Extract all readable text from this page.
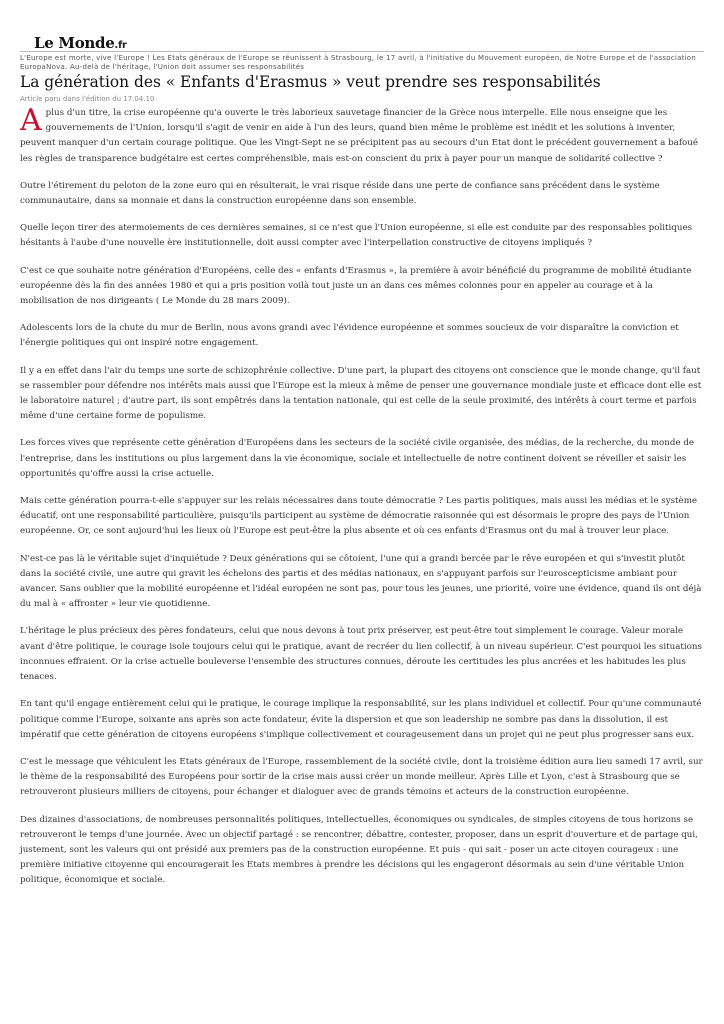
Le Monde.fr
L'Europe est morte, vive l'Europe ! Les Etats généraux de l'Europe se réunissent à Strasbourg, le 17 avril, à l'initiative du Mouvement européen, de Notre Europe et de l'association EuropaNova. Au-delà de l'héritage, l'Union doit assumer ses responsabilités
La génération des « Enfants d'Erasmus » veut prendre ses responsabilités
Article paru dans l'édition du 17.04.10

Aplus d'un titre, la crise européenne qu'a ouverte le très laborieux sauvetage financier de la Grèce nous interpelle. Elle nous enseigne que les gouvernements de l'Union, lorsqu'il s'agit de venir en aide à l'un des leurs, quand bien même le problème est inédit et les solutions à inventer, peuvent manquer d'un certain courage politique. Que les Vingt-Sept ne se précipitent pas au secours d'un Etat dont le précédent gouvernement a bafoué les règles de transparence budgétaire est certes compréhensible, mais est-on conscient du prix à payer pour un manque de solidarité collective ?

Outre l'étirement du peloton de la zone euro qui en résulterait, le vrai risque réside dans une perte de confiance sans précédent dans le système communautaire, dans sa monnaie et dans la construction européenne dans son ensemble.

Quelle leçon tirer des atermoiements de ces dernières semaines, si ce n'est que l'Union européenne, si elle est conduite par des responsables politiques hésitants à l'aube d'une nouvelle ère institutionnelle, doit aussi compter avec l'interpellation constructive de citoyens impliqués ?

C'est ce que souhaite notre génération d'Européens, celle des « enfants d'Erasmus », la première à avoir bénéficié du programme de mobilité étudiante européenne dès la fin des années 1980 et qui a pris position voilà tout juste un an dans ces mêmes colonnes pour en appeler au courage et à la mobilisation de nos dirigeants ( Le Monde du 28 mars 2009).

Adolescents lors de la chute du mur de Berlin, nous avons grandi avec l'évidence européenne et sommes soucieux de voir disparaître la conviction et l'énergie politiques qui ont inspiré notre engagement.

Il y a en effet dans l'air du temps une sorte de schizophrénie collective. D'une part, la plupart des citoyens ont conscience que le monde change, qu'il faut se rassembler pour défendre nos intérêts mais aussi que l'Europe est la mieux à même de penser une gouvernance mondiale juste et efficace dont elle est le laboratoire naturel ; d'autre part, ils sont empêtrés dans la tentation nationale, qui est celle de la seule proximité, des intérêts à court terme et parfois même d'une certaine forme de populisme.

Les forces vives que représente cette génération d'Européens dans les secteurs de la société civile organisée, des médias, de la recherche, du monde de l'entreprise, dans les institutions ou plus largement dans la vie économique, sociale et intellectuelle de notre continent doivent se réveiller et saisir les opportunités qu'offre aussi la crise actuelle.

Mais cette génération pourra-t-elle s'appuyer sur les relais nécessaires dans toute démocratie ? Les partis politiques, mais aussi les médias et le système éducatif, ont une responsabilité particulière, puisqu'ils participent au système de démocratie raisonnée qui est désormais le propre des pays de l'Union européenne. Or, ce sont aujourd'hui les lieux où l'Europe est peut-être la plus absente et où ces enfants d'Erasmus ont du mal à trouver leur place.

N'est-ce pas là le véritable sujet d'inquiétude ? Deux générations qui se côtoient, l'une qui a grandi bercée par le rêve européen et qui s'investit plutôt dans la société civile, une autre qui gravit les échelons des partis et des médias nationaux, en s'appuyant parfois sur l'euroscepticisme ambiant pour avancer. Sans oublier que la mobilité européenne et l'idéal européen ne sont pas, pour tous les jeunes, une priorité, voire une évidence, quand ils ont déjà du mal à « affronter » leur vie quotidienne.

L'héritage le plus précieux des pères fondateurs, celui que nous devons à tout prix préserver, est peut-être tout simplement le courage. Valeur morale avant d'être politique, le courage isole toujours celui qui le pratique, avant de recréer du lien collectif, à un niveau supérieur. C'est pourquoi les situations inconnues effraient. Or la crise actuelle bouleverse l'ensemble des structures connues, déroute les certitudes les plus ancrées et les habitudes les plus tenaces.

En tant qu'il engage entièrement celui qui le pratique, le courage implique la responsabilité, sur les plans individuel et collectif. Pour qu'une communauté politique comme l'Europe, soixante ans après son acte fondateur, évite la dispersion et que son leadership ne sombre pas dans la dissolution, il est impératif que cette génération de citoyens européens s'implique collectivement et courageusement dans un projet qui ne peut plus progresser sans eux.

C'est le message que véhiculent les Etats généraux de l'Europe, rassemblement de la société civile, dont la troisième édition aura lieu samedi 17 avril, sur le thème de la responsabilité des Européens pour sortir de la crise mais aussi créer un monde meilleur. Après Lille et Lyon, c'est à Strasbourg que se retrouveront plusieurs milliers de citoyens, pour échanger et dialoguer avec de grands témoins et acteurs de la construction européenne.

Des dizaines d'associations, de nombreuses personnalités politiques, intellectuelles, économiques ou syndicales, de simples citoyens de tous horizons se retrouveront le temps d'une journée. Avec un objectif partagé : se rencontrer, débattre, contester, proposer, dans un esprit d'ouverture et de partage qui, justement, sont les valeurs qui ont présidé aux premiers pas de la construction européenne. Et puis - qui sait - poser un acte citoyen courageux : une première initiative citoyenne qui encouragerait les Etats membres à prendre les décisions qui les engageront désormais au sein d'une véritable Union politique, économique et sociale.
